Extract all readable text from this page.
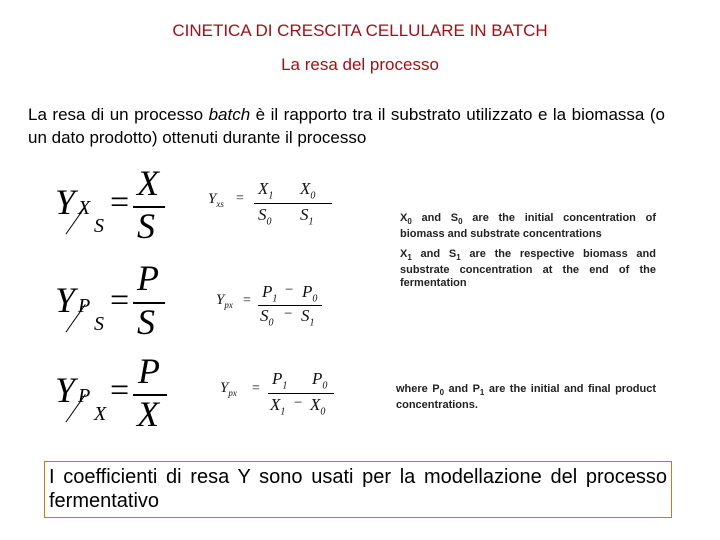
CINETICA DI CRESCITA CELLULARE IN BATCH
La resa del processo
La resa di un processo batch è il rapporto tra il substrato utilizzato e la biomassa (o un dato prodotto) ottenuti durante il processo
Y X
S
= X
S
$Y_{xs}$ =
$X_1$ $X_0$
$S_0$ $S_1$
Y P
S
=
P
S
$Y_{px} = P_1$
− $P_0$
$S_0$
− $S_1$
Y P
X
= P
X
$Y_{px}$ =
$P_1$ $P_0$
$X_1$
− $X_0$
$X_0$ and $S_0$ are the initial concentration of biomass and substrate concentrations
$X_1$ and $S_1$ are the respective biomass and substrate concentration at the end of the fermentation
where $P_0$ and $P_1$ are the initial and final product concentrations.
I coefficienti di resa Y sono usati per la modellazione del processo fermentativo
